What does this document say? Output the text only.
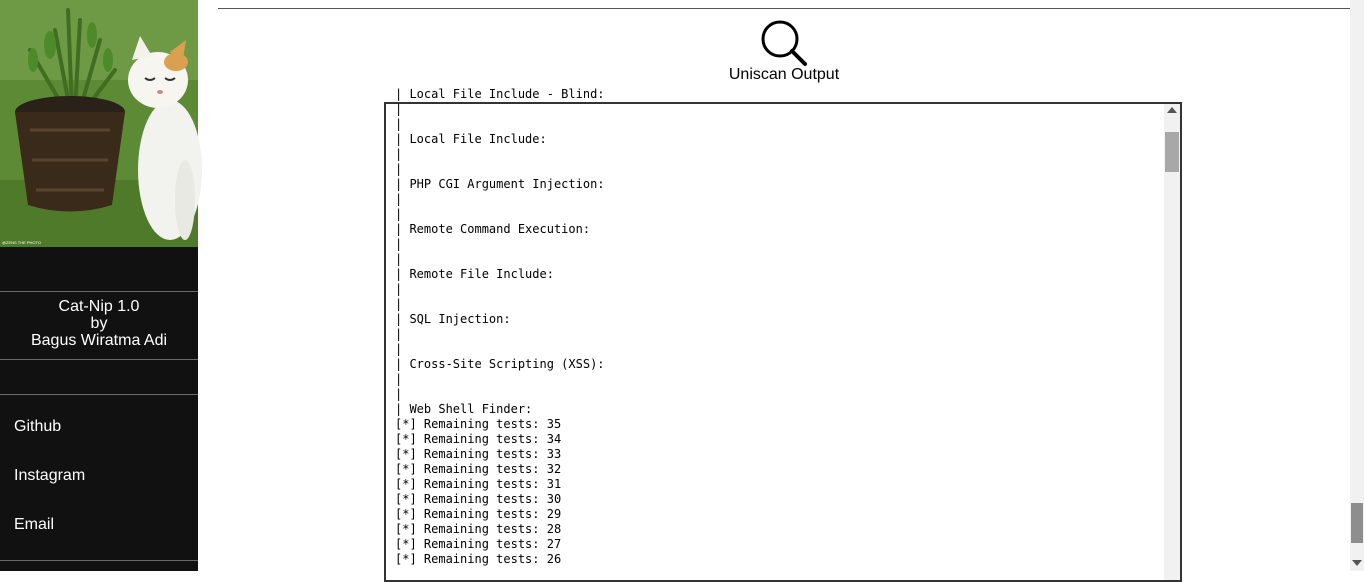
@ZENS THE PHOTO
Cat-Nip 1.0
by
Bagus Wiratma Adi
Github
Instagram
Email
Uniscan Output
| Local File Include - Blind:
|
|
| Local File Include:
|
|
| PHP CGI Argument Injection:
|
|
| Remote Command Execution:
|
|
| Remote File Include:
|
|
| SQL Injection:
|
|
| Cross-Site Scripting (XSS):
|
|
| Web Shell Finder:
[*] Remaining tests: 35
[*] Remaining tests: 34
[*] Remaining tests: 33
[*] Remaining tests: 32
[*] Remaining tests: 31
[*] Remaining tests: 30
[*] Remaining tests: 29
[*] Remaining tests: 28
[*] Remaining tests: 27
[*] Remaining tests: 26
